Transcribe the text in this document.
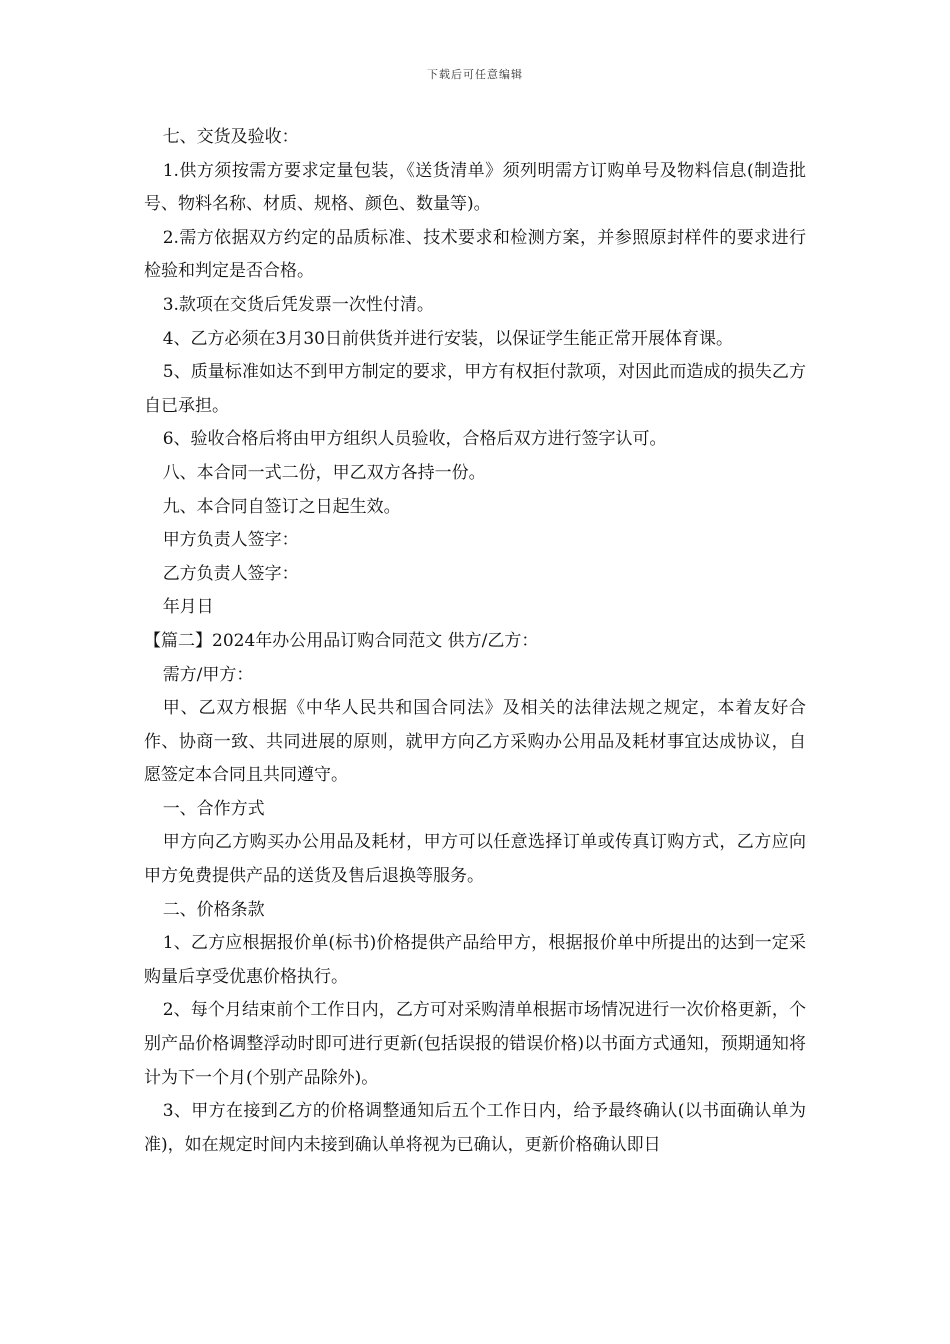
下载后可任意编辑

七、交货及验收：

1.供方须按需方要求定量包装，《送货清单》须列明需方订购单号及物料信息(制造批号、物料名称、材质、规格、颜色、数量等)。

2.需方依据双方约定的品质标准、技术要求和检测方案，并参照原封样件的要求进行检验和判定是否合格。

3.款项在交货后凭发票一次性付清。

4、乙方必须在3月30日前供货并进行安装，以保证学生能正常开展体育课。

5、质量标准如达不到甲方制定的要求，甲方有权拒付款项，对因此而造成的损失乙方自已承担。

6、验收合格后将由甲方组织人员验收，合格后双方进行签字认可。

八、本合同一式二份，甲乙双方各持一份。

九、本合同自签订之日起生效。

甲方负责人签字：

乙方负责人签字：

年月日

【篇二】2024年办公用品订购合同范文 供方/乙方：

需方/甲方：

甲、乙双方根据《中华人民共和国合同法》及相关的法律法规之规定，本着友好合作、协商一致、共同进展的原则，就甲方向乙方采购办公用品及耗材事宜达成协议，自愿签定本合同且共同遵守。

一、合作方式

甲方向乙方购买办公用品及耗材，甲方可以任意选择订单或传真订购方式，乙方应向甲方免费提供产品的送货及售后退换等服务。

二、价格条款

1、乙方应根据报价单(标书)价格提供产品给甲方，根据报价单中所提出的达到一定采购量后享受优惠价格执行。

2、每个月结束前个工作日内，乙方可对采购清单根据市场情况进行一次价格更新，个别产品价格调整浮动时即可进行更新(包括误报的错误价格)以书面方式通知，预期通知将计为下一个月(个别产品除外)。

3、甲方在接到乙方的价格调整通知后五个工作日内，给予最终确认(以书面确认单为准)，如在规定时间内未接到确认单将视为已确认，更新价格确认即日
